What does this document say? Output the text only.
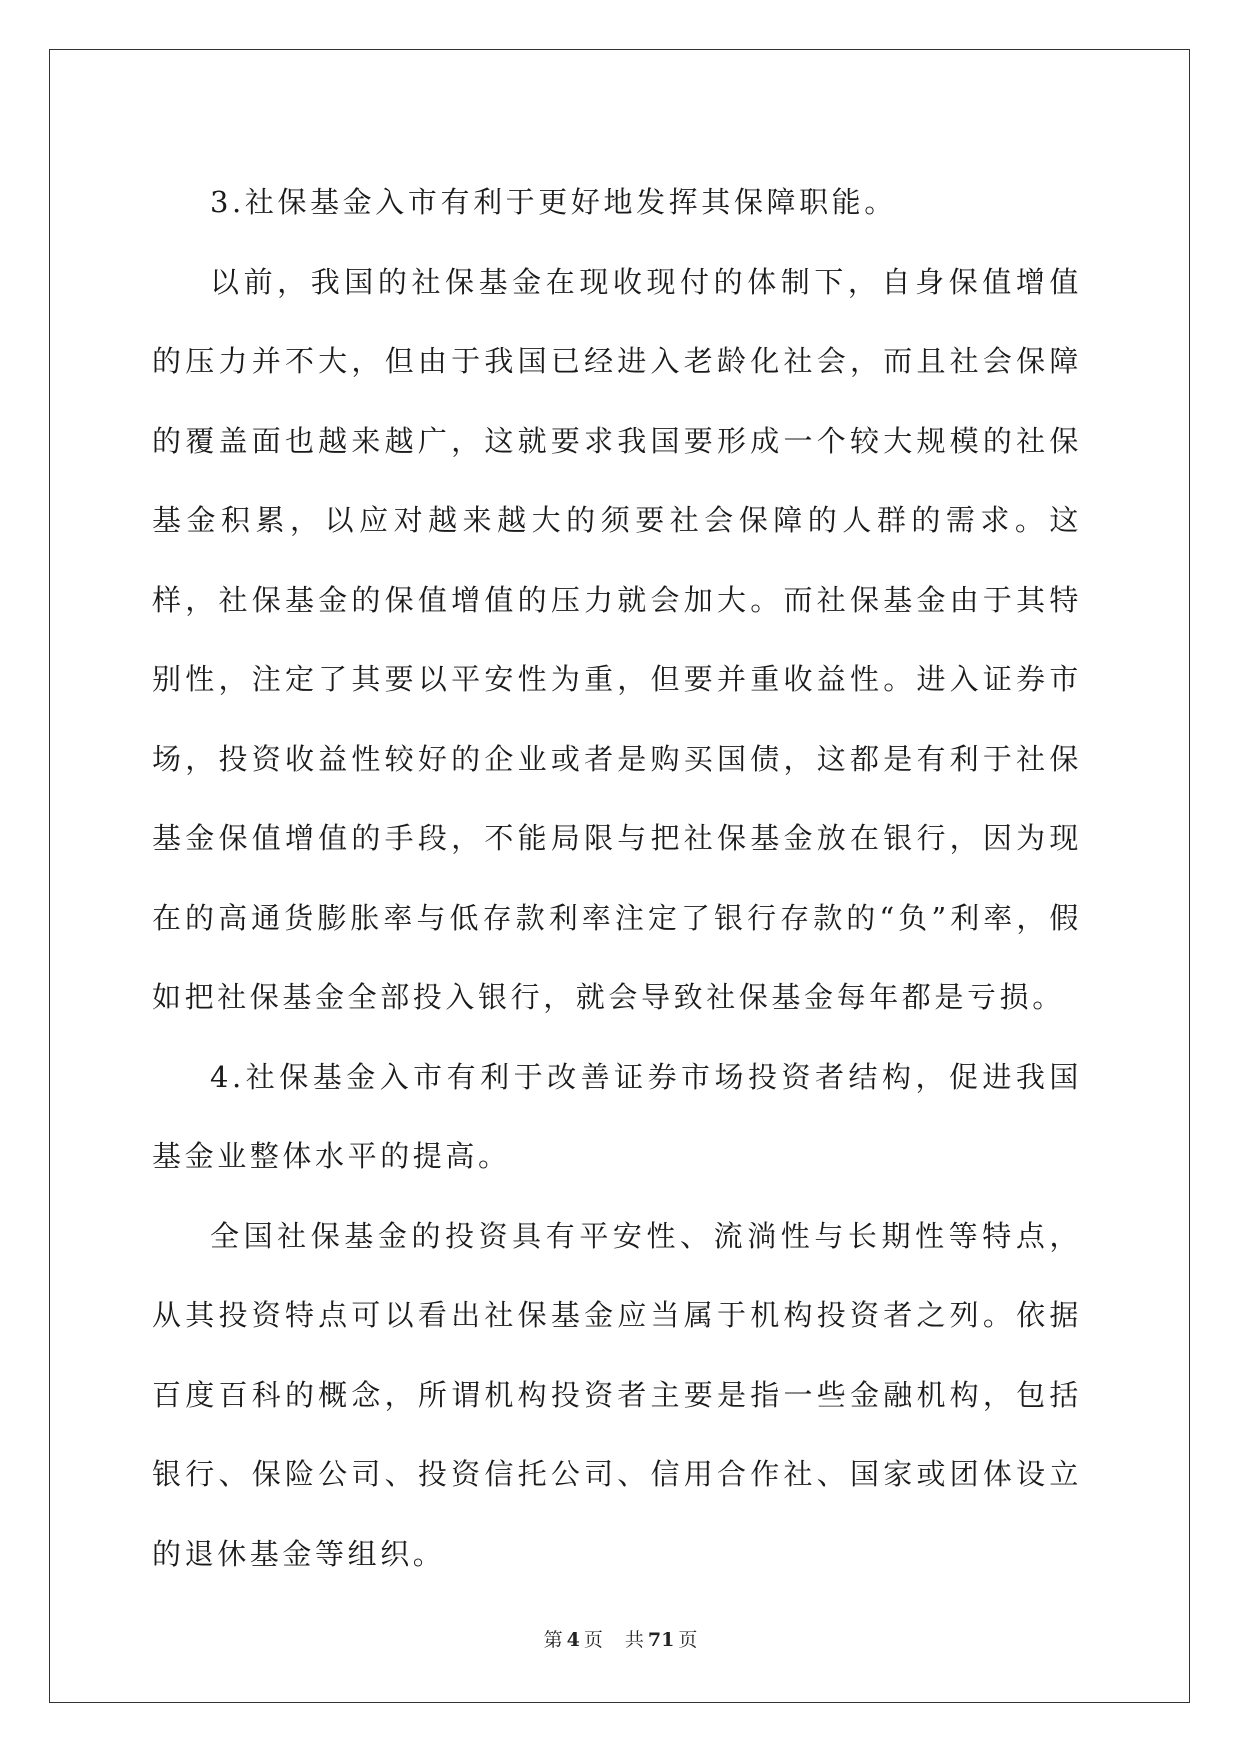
3.社保基金入市有利于更好地发挥其保障职能。

以前，我国的社保基金在现收现付的体制下，自身保值增值的压力并不大，但由于我国已经进入老龄化社会，而且社会保障的覆盖面也越来越广，这就要求我国要形成一个较大规模的社保基金积累，以应对越来越大的须要社会保障的人群的需求。这样，社保基金的保值增值的压力就会加大。而社保基金由于其特别性，注定了其要以平安性为重，但要并重收益性。进入证券市场，投资收益性较好的企业或者是购买国债，这都是有利于社保基金保值增值的手段，不能局限与把社保基金放在银行，因为现在的高通货膨胀率与低存款利率注定了银行存款的“负”利率，假如把社保基金全部投入银行，就会导致社保基金每年都是亏损。

4.社保基金入市有利于改善证券市场投资者结构，促进我国基金业整体水平的提高。

全国社保基金的投资具有平安性、流淌性与长期性等特点，从其投资特点可以看出社保基金应当属于机构投资者之列。依据百度百科的概念，所谓机构投资者主要是指一些金融机构，包括银行、保险公司、投资信托公司、信用合作社、国家或团体设立的退休基金等组织。

第 4 页 共 71 页
